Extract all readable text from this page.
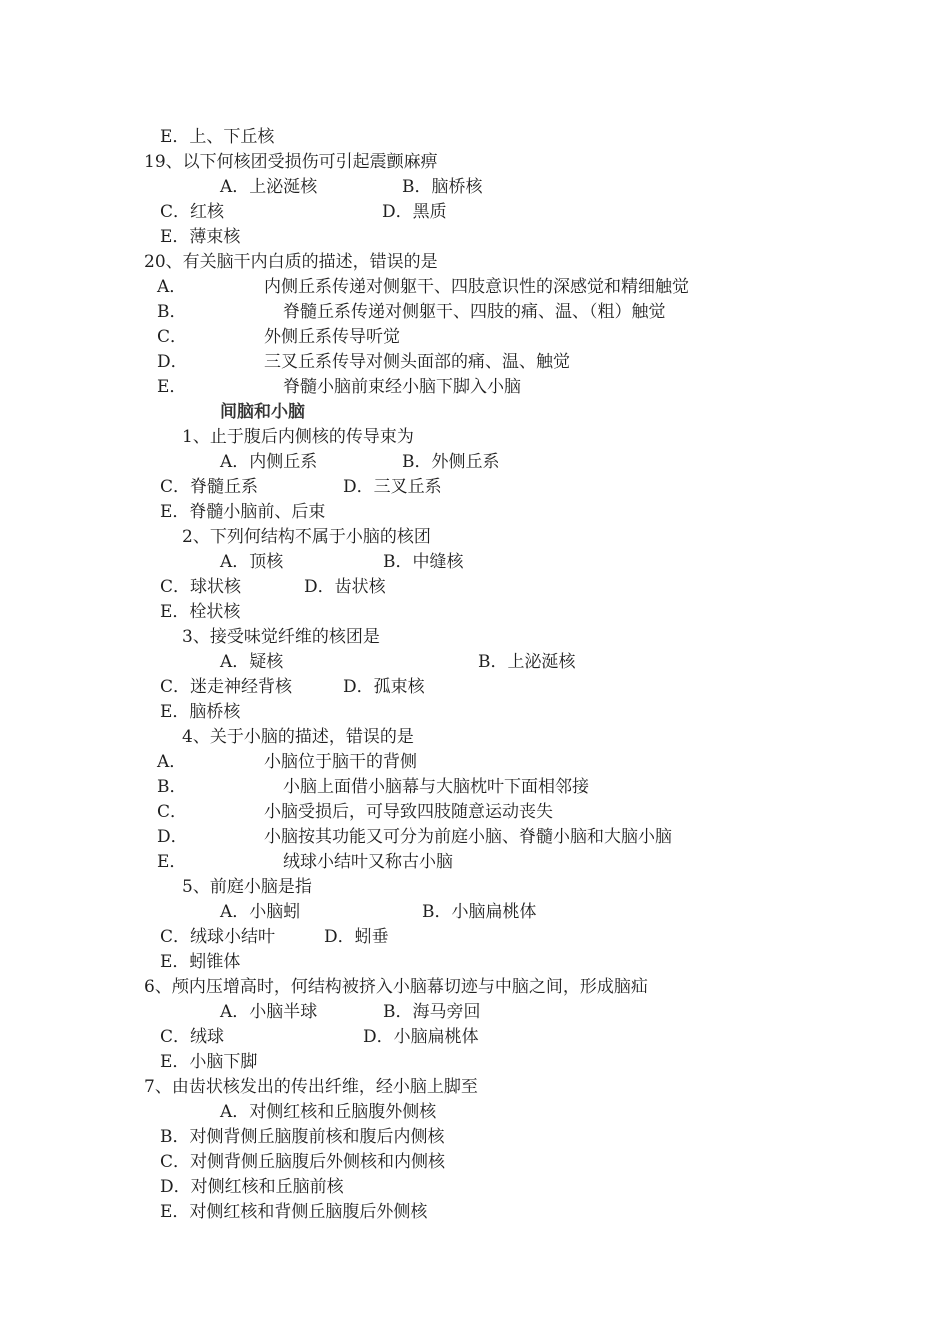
E．上、下丘核
19、以下何核团受损伤可引起震颤麻痹
A．上泌涎核	B．脑桥核
C．红核	D．黑质
E．薄束核
20、有关脑干内白质的描述，错误的是
A．	内侧丘系传递对侧躯干、四肢意识性的深感觉和精细触觉
B．	脊髓丘系传递对侧躯干、四肢的痛、温、（粗）触觉
C．	外侧丘系传导听觉
D．	三叉丘系传导对侧头面部的痛、温、触觉
E．	脊髓小脑前束经小脑下脚入小脑
间脑和小脑
1、止于腹后内侧核的传导束为
A．内侧丘系	B．外侧丘系
C．脊髓丘系	D．三叉丘系
E．脊髓小脑前、后束
2、下列何结构不属于小脑的核团
A．顶核	B．中缝核
C．球状核	D．齿状核
E．栓状核
3、接受味觉纤维的核团是
A．疑核	B．上泌涎核
C．迷走神经背核	D．孤束核
E．脑桥核
4、关于小脑的描述，错误的是
A．	小脑位于脑干的背侧
B．	小脑上面借小脑幕与大脑枕叶下面相邻接
C．	小脑受损后，可导致四肢随意运动丧失
D．	小脑按其功能又可分为前庭小脑、脊髓小脑和大脑小脑
E．	绒球小结叶又称古小脑
5、前庭小脑是指
A．小脑蚓	B．小脑扁桃体
C．绒球小结叶	D．蚓垂
E．蚓锥体
6、颅内压增高时，何结构被挤入小脑幕切迹与中脑之间，形成脑疝
A．小脑半球	B．海马旁回
C．绒球	D．小脑扁桃体
E．小脑下脚
7、由齿状核发出的传出纤维，经小脑上脚至
A．对侧红核和丘脑腹外侧核
B．对侧背侧丘脑腹前核和腹后内侧核
C．对侧背侧丘脑腹后外侧核和内侧核
D．对侧红核和丘脑前核
E．对侧红核和背侧丘脑腹后外侧核
